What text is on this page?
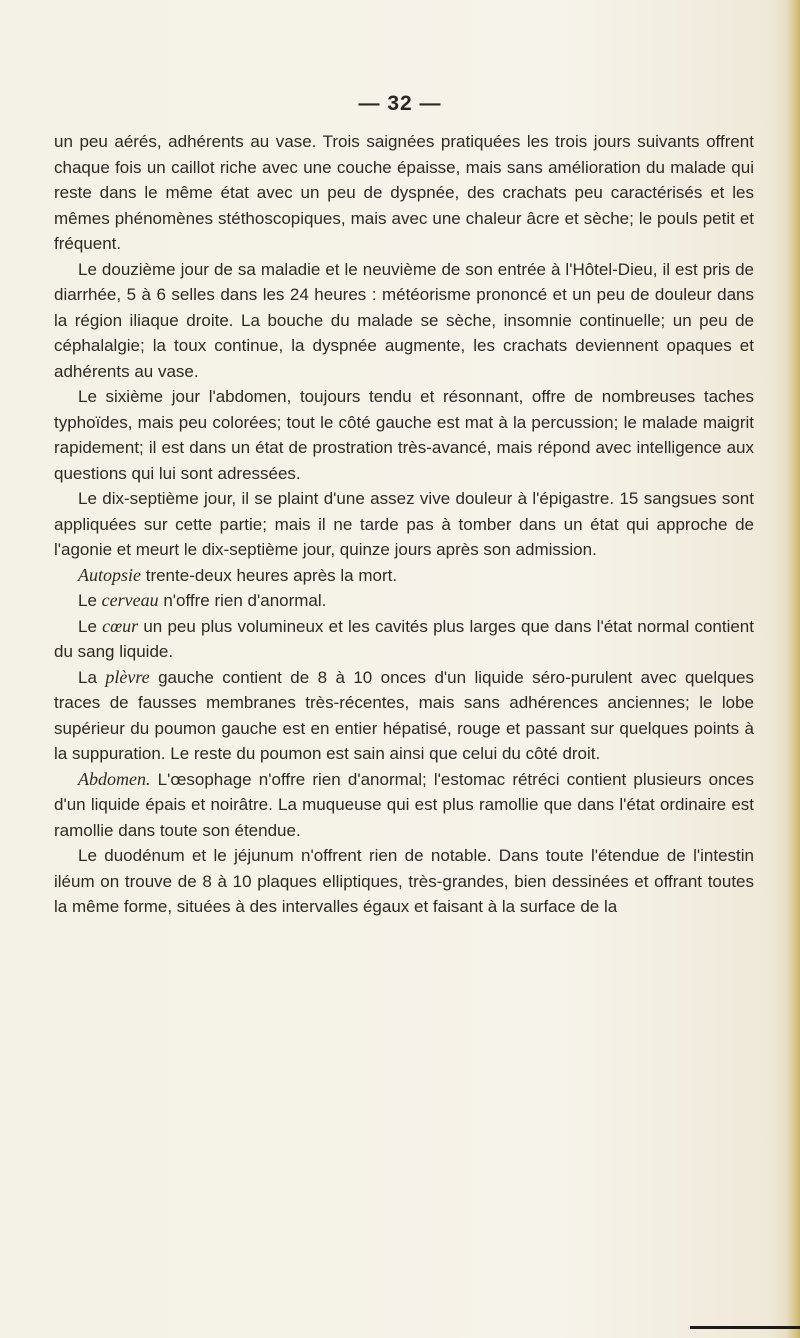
— 32 —

un peu aérés, adhérents au vase. Trois saignées pratiquées les trois jours suivants offrent chaque fois un caillot riche avec une couche épaisse, mais sans amélioration du malade qui reste dans le même état avec un peu de dyspnée, des crachats peu caractérisés et les mêmes phénomènes stéthoscopiques, mais avec une chaleur âcre et sèche; le pouls petit et fréquent.

Le douzième jour de sa maladie et le neuvième de son entrée à l'Hôtel-Dieu, il est pris de diarrhée, 5 à 6 selles dans les 24 heures : météorisme prononcé et un peu de douleur dans la région iliaque droite. La bouche du malade se sèche, insomnie continuelle; un peu de céphalalgie; la toux continue, la dyspnée augmente, les crachats deviennent opaques et adhérents au vase.

Le sixième jour l'abdomen, toujours tendu et résonnant, offre de nombreuses taches typhoïdes, mais peu colorées; tout le côté gauche est mat à la percussion; le malade maigrit rapidement; il est dans un état de prostration très-avancé, mais répond avec intelligence aux questions qui lui sont adressées.

Le dix-septième jour, il se plaint d'une assez vive douleur à l'épigastre. 15 sangsues sont appliquées sur cette partie; mais il ne tarde pas à tomber dans un état qui approche de l'agonie et meurt le dix-septième jour, quinze jours après son admission.

Autopsie trente-deux heures après la mort.

Le cerveau n'offre rien d'anormal.

Le cœur un peu plus volumineux et les cavités plus larges que dans l'état normal contient du sang liquide.

La plèvre gauche contient de 8 à 10 onces d'un liquide séro-purulent avec quelques traces de fausses membranes très-récentes, mais sans adhérences anciennes; le lobe supérieur du poumon gauche est en entier hépatisé, rouge et passant sur quelques points à la suppuration. Le reste du poumon est sain ainsi que celui du côté droit.

Abdomen. L'œsophage n'offre rien d'anormal; l'estomac rétréci contient plusieurs onces d'un liquide épais et noirâtre. La muqueuse qui est plus ramollie que dans l'état ordinaire est ramollie dans toute son étendue.

Le duodénum et le jéjunum n'offrent rien de notable. Dans toute l'étendue de l'intestin iléum on trouve de 8 à 10 plaques elliptiques, très-grandes, bien dessinées et offrant toutes la même forme, situées à des intervalles égaux et faisant à la surface de la
